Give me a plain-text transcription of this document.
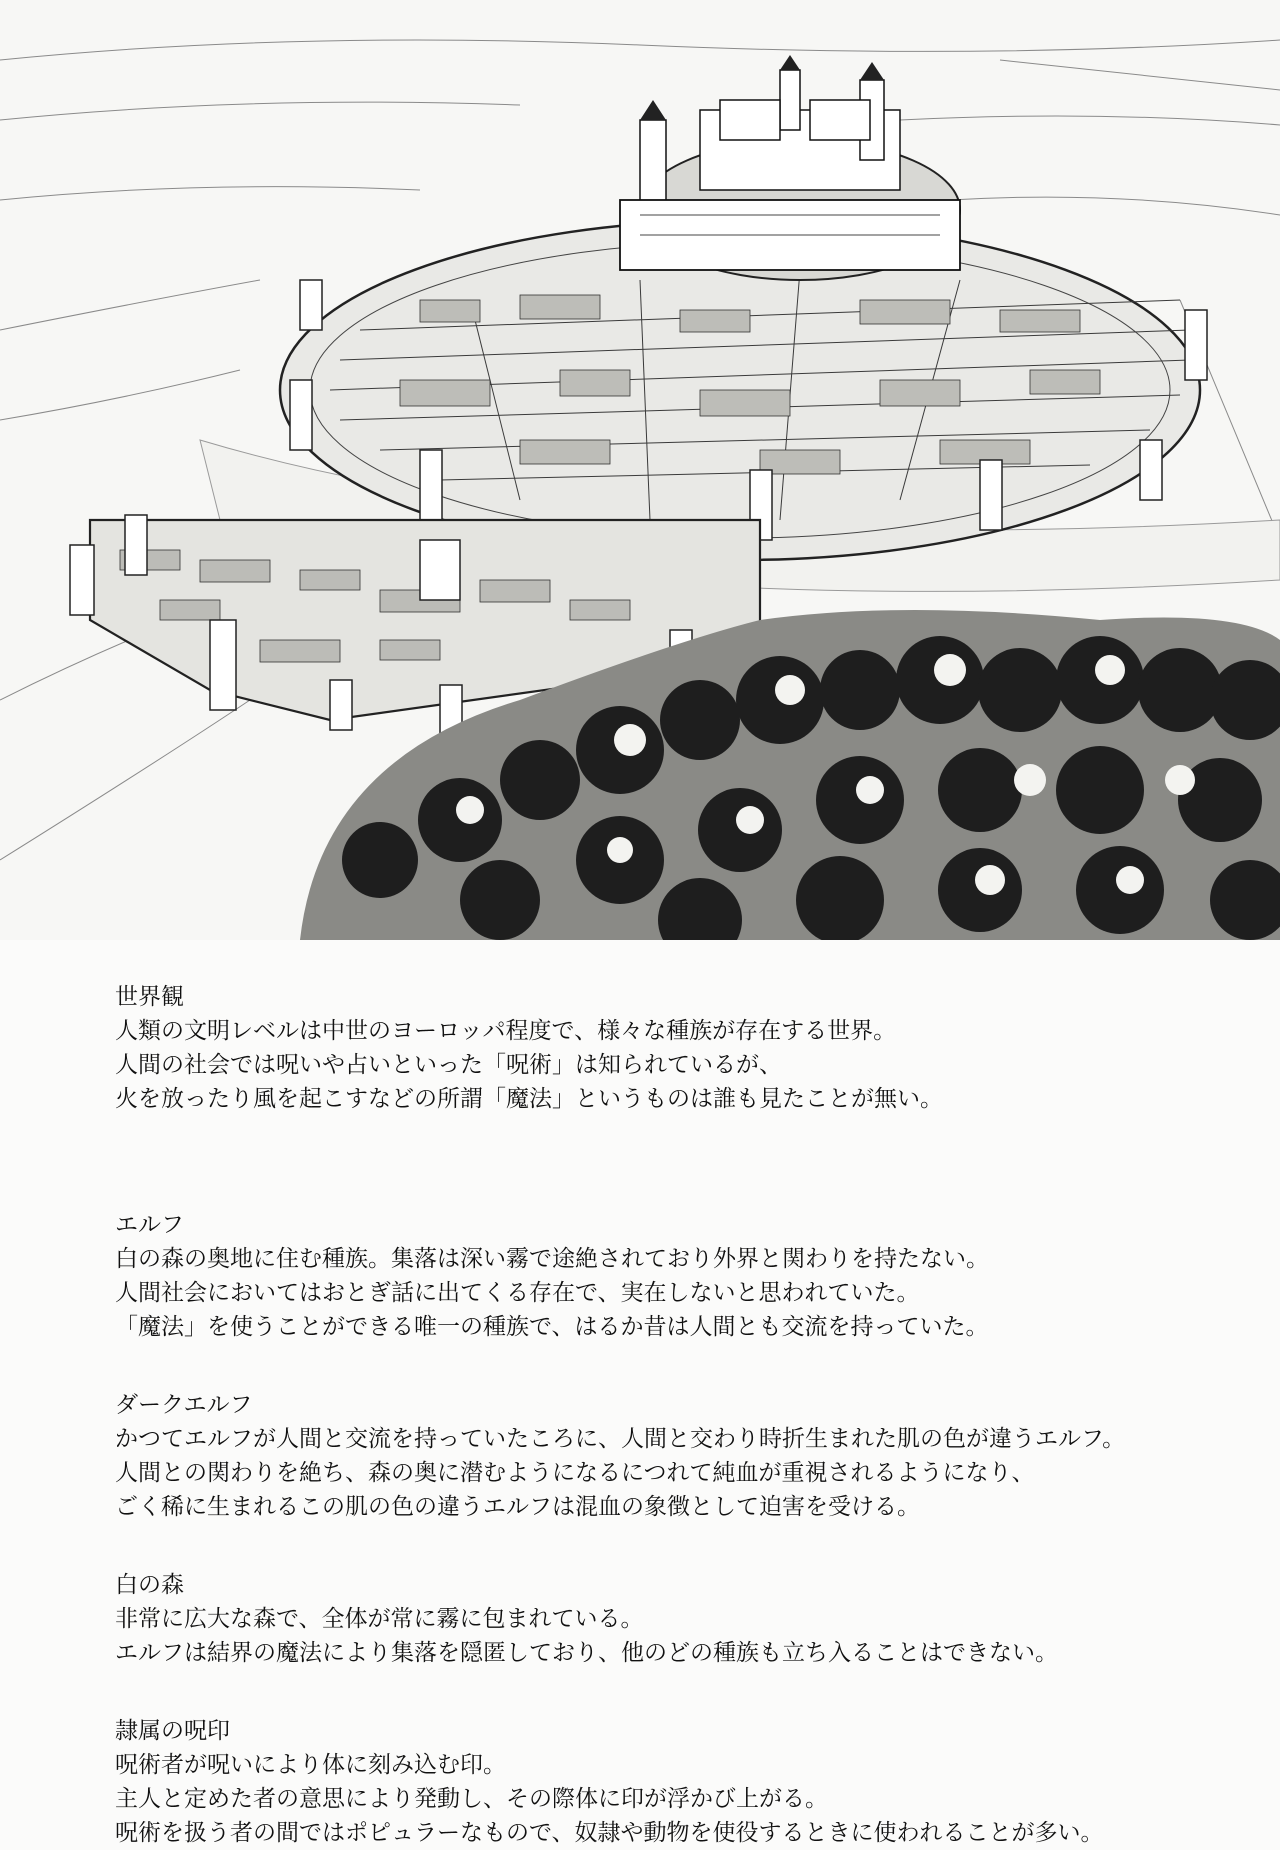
世界観

人類の文明レベルは中世のヨーロッパ程度で、様々な種族が存在する世界。

人間の社会では呪いや占いといった「呪術」は知られているが、

火を放ったり風を起こすなどの所謂「魔法」というものは誰も見たことが無い。

エルフ

白の森の奥地に住む種族。集落は深い霧で途絶されており外界と関わりを持たない。

人間社会においてはおとぎ話に出てくる存在で、実在しないと思われていた。

「魔法」を使うことができる唯一の種族で、はるか昔は人間とも交流を持っていた。

ダークエルフ

かつてエルフが人間と交流を持っていたころに、人間と交わり時折生まれた肌の色が違うエルフ。

人間との関わりを絶ち、森の奥に潜むようになるにつれて純血が重視されるようになり、

ごく稀に生まれるこの肌の色の違うエルフは混血の象徴として迫害を受ける。

白の森

非常に広大な森で、全体が常に霧に包まれている。

エルフは結界の魔法により集落を隠匿しており、他のどの種族も立ち入ることはできない。

隷属の呪印

呪術者が呪いにより体に刻み込む印。

主人と定めた者の意思により発動し、その際体に印が浮かび上がる。

呪術を扱う者の間ではポピュラーなもので、奴隷や動物を使役するときに使われることが多い。
